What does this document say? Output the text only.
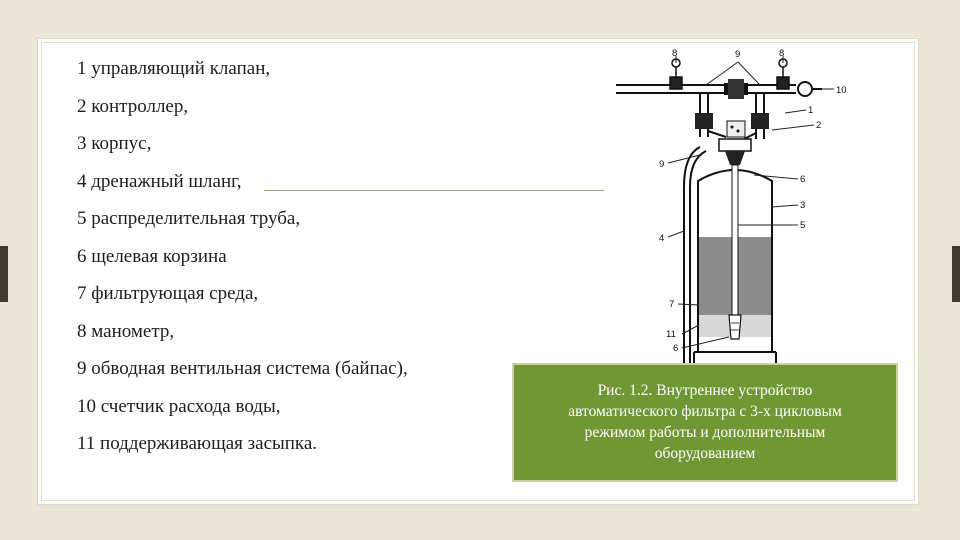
1 управляющий клапан,
2 контроллер,
3 корпус,
4 дренажный шланг,
5 распределительная труба,
6 щелевая корзина
7 фильтрующая среда,
8 манометр,
9 обводная вентильная система (байпас),
10 счетчик расхода воды,
11 поддерживающая засыпка.
8	9	8
1
2
10
9
6
3
5
4
7
11
6
Рис. 1.2. Внутреннее устройство
автоматического фильтра с 3-х цикловым
режимом работы и дополнительным
оборудованием
